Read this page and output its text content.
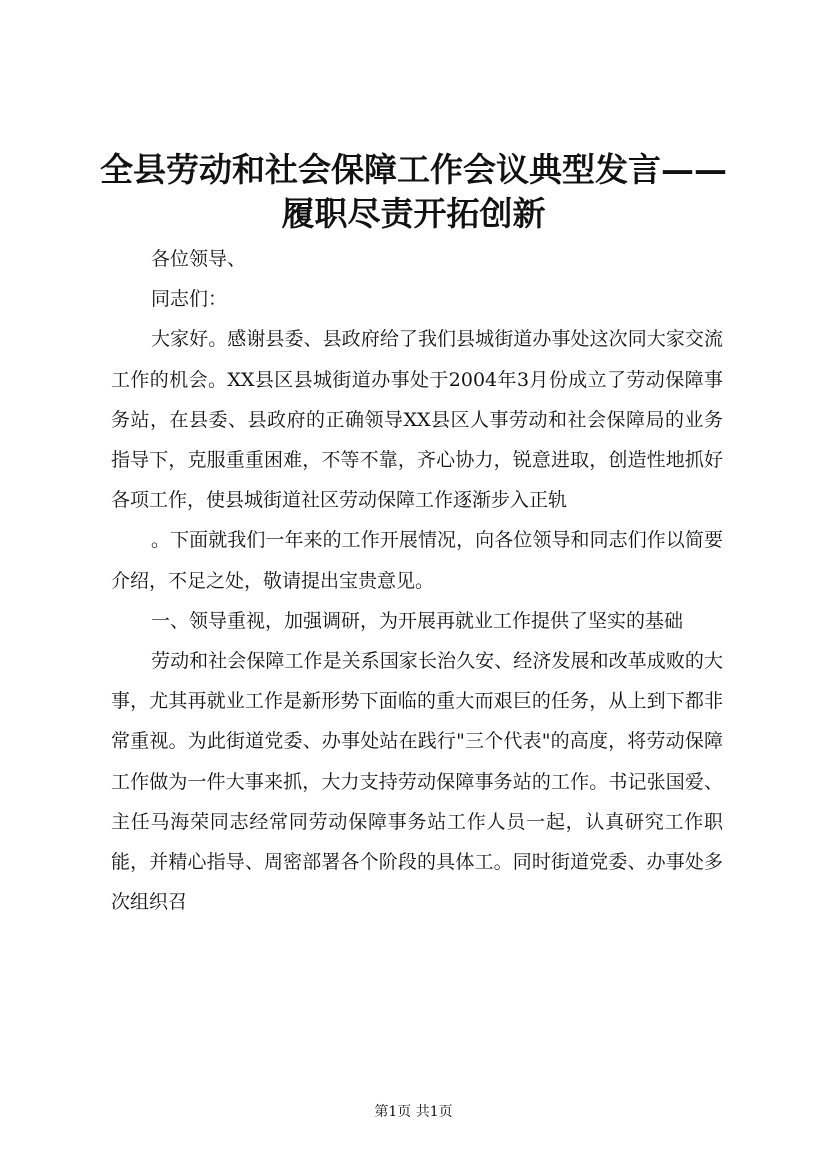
全县劳动和社会保障工作会议典型发言——履职尽责开拓创新

各位领导、

同志们：

大家好。感谢县委、县政府给了我们县城街道办事处这次同大家交流工作的机会。XX县区县城街道办事处于2004年3月份成立了劳动保障事务站，在县委、县政府的正确领导XX县区人事劳动和社会保障局的业务指导下，克服重重困难，不等不靠，齐心协力，锐意进取，创造性地抓好各项工作，使县城街道社区劳动保障工作逐渐步入正轨

。下面就我们一年来的工作开展情况，向各位领导和同志们作以简要介绍，不足之处，敬请提出宝贵意见。

一、领导重视，加强调研，为开展再就业工作提供了坚实的基础

劳动和社会保障工作是关系国家长治久安、经济发展和改革成败的大事，尤其再就业工作是新形势下面临的重大而艰巨的任务，从上到下都非常重视。为此街道党委、办事处站在践行"三个代表"的高度，将劳动保障工作做为一件大事来抓，大力支持劳动保障事务站的工作。书记张国爱、主任马海荣同志经常同劳动保障事务站工作人员一起，认真研究工作职能，并精心指导、周密部署各个阶段的具体工。同时街道党委、办事处多次组织召

第1页 共1页
